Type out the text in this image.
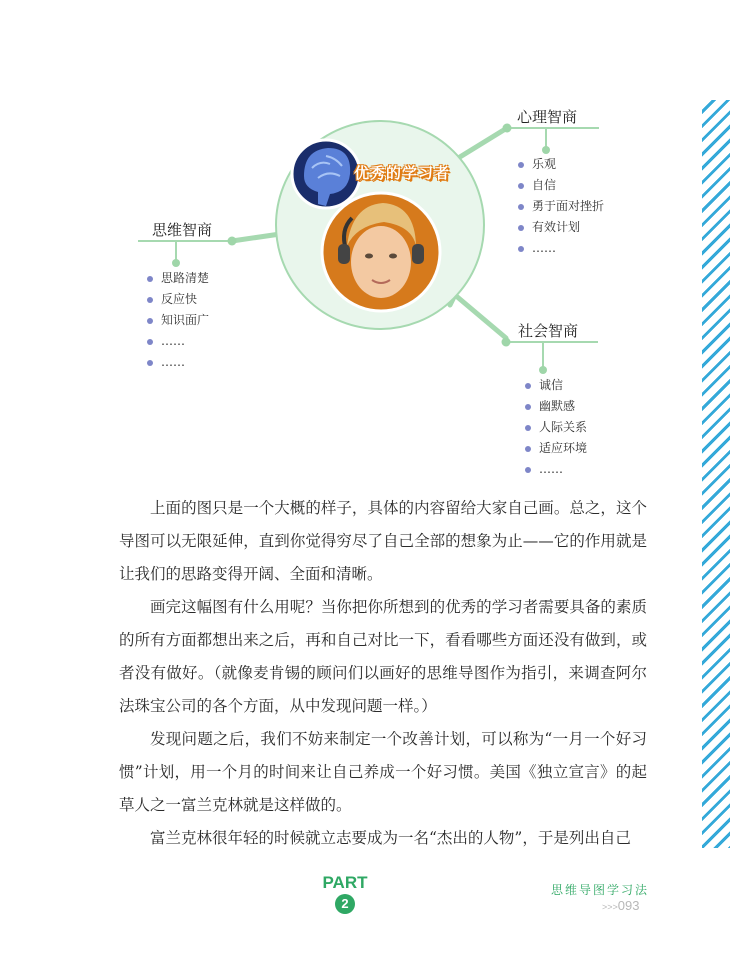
优秀的学习者
心理智商
乐观
自信
勇于面对挫折
有效计划
……
思维智商
思路清楚
反应快
知识面广
……
……
社会智商
诚信
幽默感
人际关系
适应环境
……

上面的图只是一个大概的样子，具体的内容留给大家自己画。总之，这个导图可以无限延伸，直到你觉得穷尽了自己全部的想象为止——它的作用就是让我们的思路变得开阔、全面和清晰。

画完这幅图有什么用呢？当你把你所想到的优秀的学习者需要具备的素质的所有方面都想出来之后，再和自己对比一下，看看哪些方面还没有做到，或者没有做好。（就像麦肯锡的顾问们以画好的思维导图作为指引，来调查阿尔法珠宝公司的各个方面，从中发现问题一样。）

发现问题之后，我们不妨来制定一个改善计划，可以称为“一月一个好习惯”计划，用一个月的时间来让自己养成一个好习惯。美国《独立宣言》的起草人之一富兰克林就是这样做的。

富兰克林很年轻的时候就立志要成为一名“杰出的人物”，于是列出自己

PART
2
思维导图学习法
>>>093
